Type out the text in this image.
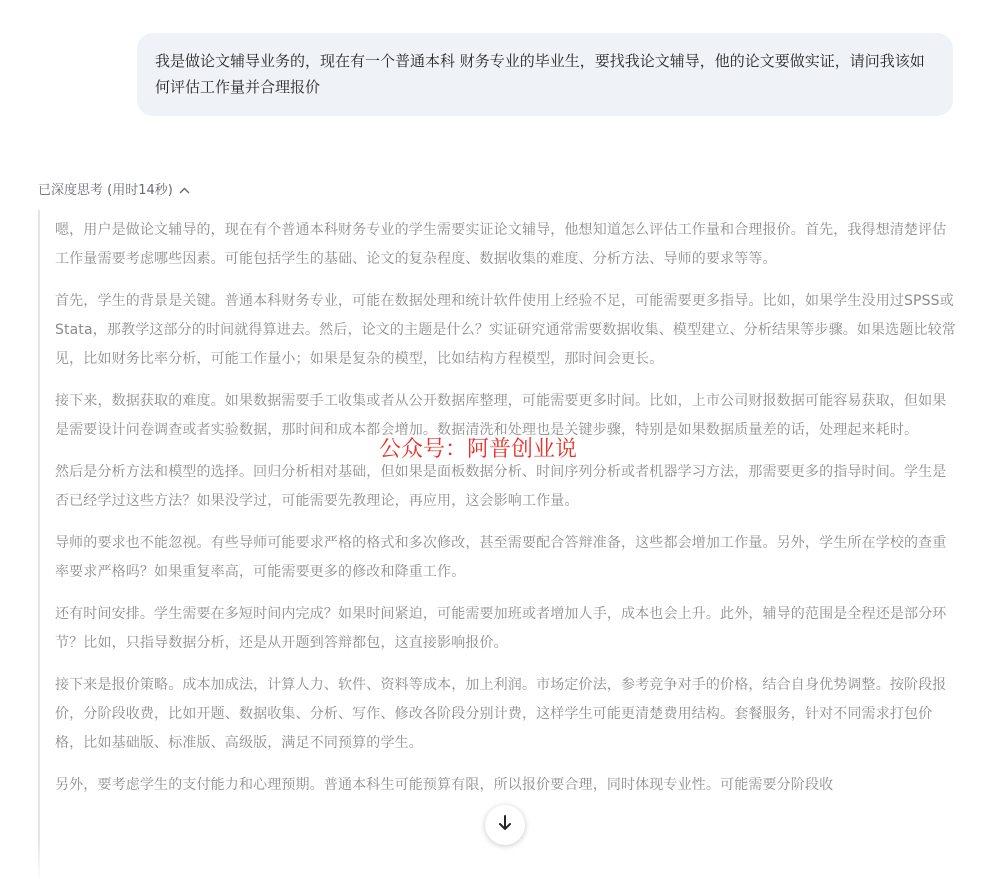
我是做论文辅导业务的，现在有一个普通本科 财务专业的毕业生，要找我论文辅导，他的论文要做实证，请问我该如何评估工作量并合理报价
已深度思考 (用时14秒)

嗯，用户是做论文辅导的，现在有个普通本科财务专业的学生需要实证论文辅导，他想知道怎么评估工作量和合理报价。首先，我得想清楚评估工作量需要考虑哪些因素。可能包括学生的基础、论文的复杂程度、数据收集的难度、分析方法、导师的要求等等。

首先，学生的背景是关键。普通本科财务专业，可能在数据处理和统计软件使用上经验不足，可能需要更多指导。比如，如果学生没用过SPSS或Stata，那教学这部分的时间就得算进去。然后，论文的主题是什么？实证研究通常需要数据收集、模型建立、分析结果等步骤。如果选题比较常见，比如财务比率分析，可能工作量小；如果是复杂的模型，比如结构方程模型，那时间会更长。

接下来，数据获取的难度。如果数据需要手工收集或者从公开数据库整理，可能需要更多时间。比如，上市公司财报数据可能容易获取，但如果是需要设计问卷调查或者实验数据，那时间和成本都会增加。数据清洗和处理也是关键步骤，特别是如果数据质量差的话，处理起来耗时。

然后是分析方法和模型的选择。回归分析相对基础，但如果是面板数据分析、时间序列分析或者机器学习方法，那需要更多的指导时间。学生是否已经学过这些方法？如果没学过，可能需要先教理论，再应用，这会影响工作量。

导师的要求也不能忽视。有些导师可能要求严格的格式和多次修改，甚至需要配合答辩准备，这些都会增加工作量。另外，学生所在学校的查重率要求严格吗？如果重复率高，可能需要更多的修改和降重工作。

还有时间安排。学生需要在多短时间内完成？如果时间紧迫，可能需要加班或者增加人手，成本也会上升。此外，辅导的范围是全程还是部分环节？比如，只指导数据分析，还是从开题到答辩都包，这直接影响报价。

接下来是报价策略。成本加成法，计算人力、软件、资料等成本，加上利润。市场定价法，参考竞争对手的价格，结合自身优势调整。按阶段报价，分阶段收费，比如开题、数据收集、分析、写作、修改各阶段分别计费，这样学生可能更清楚费用结构。套餐服务，针对不同需求打包价格，比如基础版、标准版、高级版，满足不同预算的学生。

另外，要考虑学生的支付能力和心理预期。普通本科生可能预算有限，所以报价要合理，同时体现专业性。可能需要分阶段收

公众号：阿普创业说
